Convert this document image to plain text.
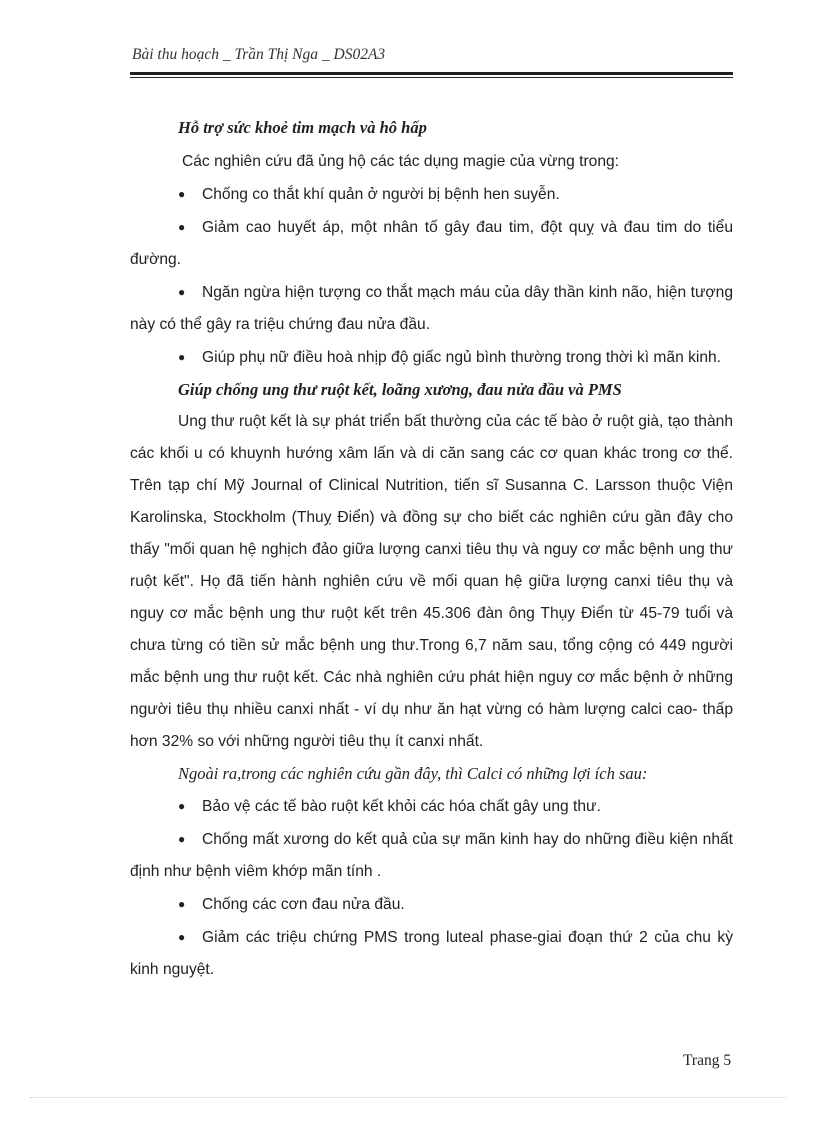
Bài thu hoạch _ Trần Thị Nga _ DS02A3

Hỗ trợ sức khoẻ tim mạch và hô hấp

Các nghiên cứu đã ủng hộ các tác dụng magie của vừng trong:

● Chống co thắt khí quản ở người bị bệnh hen suyễn.

● Giảm cao huyết áp, một nhân tố gây đau tim, đột quỵ và đau tim do tiểu đường.

● Ngăn ngừa hiện tượng co thắt mạch máu của dây thần kinh não, hiện tượng này có thể gây ra triệu chứng đau nửa đầu.

● Giúp phụ nữ điều hoà nhịp độ giấc ngủ bình thường trong thời kì mãn kinh.

Giúp chống ung thư ruột kết, loãng xương, đau nửa đầu và PMS

Ung thư ruột kết là sự phát triển bất thường của các tế bào ở ruột già, tạo thành các khối u có khuynh hướng xâm lấn và di căn sang các cơ quan khác trong cơ thể. Trên tạp chí Mỹ Journal of Clinical Nutrition, tiến sĩ Susanna C. Larsson thuộc Viện Karolinska, Stockholm (Thuỵ Điển) và đồng sự cho biết các nghiên cứu gần đây cho thấy "mối quan hệ nghịch đảo giữa lượng canxi tiêu thụ và nguy cơ mắc bệnh ung thư ruột kết". Họ đã tiến hành nghiên cứu về mối quan hệ giữa lượng canxi tiêu thụ và nguy cơ mắc bệnh ung thư ruột kết trên 45.306 đàn ông Thụy Điển từ 45-79 tuổi và chưa từng có tiền sử mắc bệnh ung thư.Trong 6,7 năm sau, tổng cộng có 449 người mắc bệnh ung thư ruột kết. Các nhà nghiên cứu phát hiện nguy cơ mắc bệnh ở những người tiêu thụ nhiều canxi nhất - ví dụ như ăn hạt vừng có hàm lượng calci cao- thấp hơn 32% so với những người tiêu thụ ít canxi nhất.

Ngoài ra,trong các nghiên cứu gần đây, thì Calci có những lợi ích sau:

● Bảo vệ các tế bào ruột kết khỏi các hóa chất gây ung thư.

● Chống mất xương do kết quả của sự mãn kinh hay do những điều kiện nhất định như bệnh viêm khớp mãn tính .

● Chống các cơn đau nửa đầu.

● Giảm các triệu chứng PMS trong luteal phase-giai đoạn thứ 2 của chu kỳ kinh nguyệt.

Trang 5
